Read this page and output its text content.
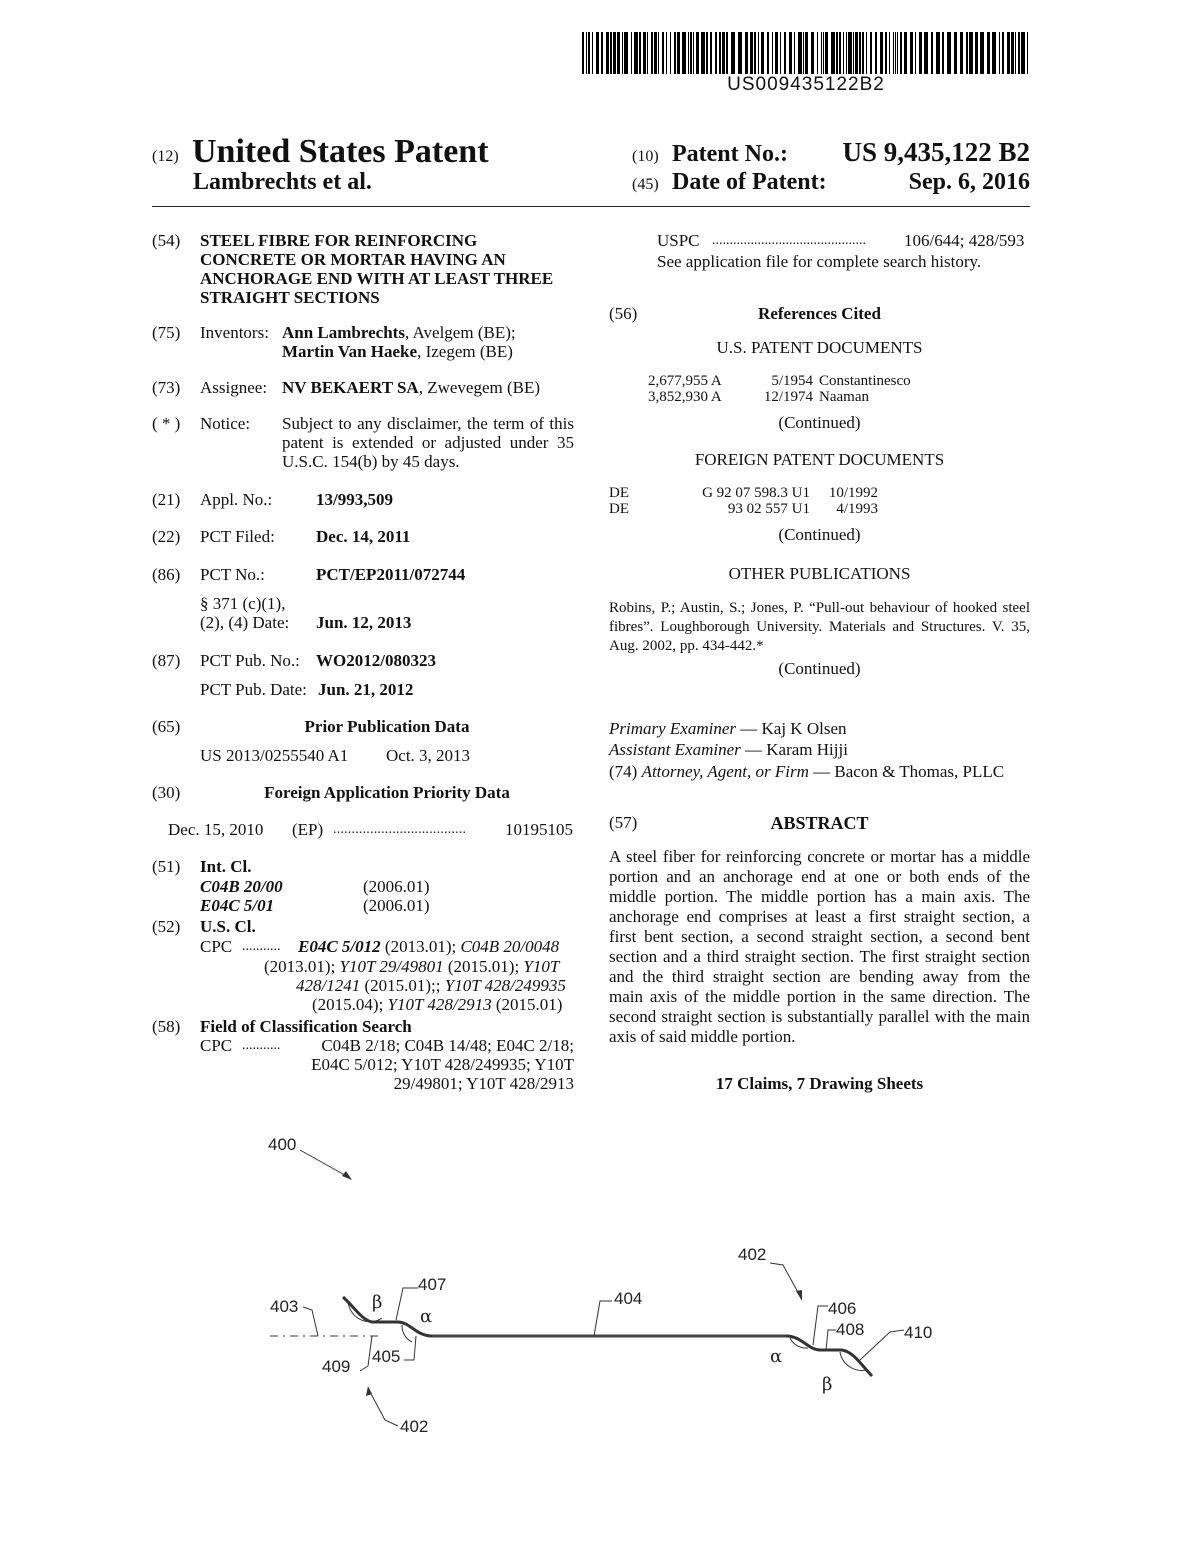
US009435122B2
(12) United States Patent
Lambrechts et al.
(10) Patent No.:	US 9,435,122 B2
(45) Date of Patent:	Sep. 6, 2016
(54) STEEL FIBRE FOR REINFORCING
CONCRETE OR MORTAR HAVING AN
ANCHORAGE END WITH AT LEAST THREE
STRAIGHT SECTIONS
(75) Inventors: Ann Lambrechts, Avelgem (BE);
Martin Van Haeke, Izegem (BE)
(73) Assignee: NV BEKAERT SA, Zwevegem (BE)
( * ) Notice: Subject to any disclaimer, the term of this
patent is extended or adjusted under 35
U.S.C. 154(b) by 45 days.
(21) Appl. No.:	13/993,509
(22) PCT Filed: Dec. 14, 2011
(86) PCT No.:	PCT/EP2011/072744
§ 371 (c)(1),
(2), (4) Date: Jun. 12, 2013
(87) PCT Pub. No.: WO2012/080323
PCT Pub. Date: Jun. 21, 2012
(65)	Prior Publication Data
US 2013/0255540 A1 Oct. 3, 2013
(30)	Foreign Application Priority Data
Dec. 15, 2010 (EP) .................................... 10195105
(51) Int. Cl.
C04B 20/00	(2006.01)
E04C 5/01	(2006.01)
(52) U.S. Cl.
CPC ........... E04C 5/012 (2013.01); C04B 20/0048
(2013.01); Y10T 29/49801 (2015.01); Y10T
428/1241 (2015.01);; Y10T 428/249935
(2015.04); Y10T 428/2913 (2015.01)
(58) Field of Classification Search
CPC ...........	C04B 2/18; C04B 14/48; E04C 2/18;
E04C 5/012; Y10T 428/249935; Y10T
29/49801; Y10T 428/2913
USPC ............................................ 106/644; 428/593
See application file for complete search history.
(56)	References Cited
U.S. PATENT DOCUMENTS
2,677,955 A	5/1954 Constantinesco
3,852,930 A	12/1974 Naaman
(Continued)
FOREIGN PATENT DOCUMENTS
DE	G 92 07 598.3 U1	10/1992
DE	93 02 557 U1	4/1993
(Continued)
OTHER PUBLICATIONS
Robins, P.; Austin, S.; Jones, P. “Pull-out behaviour of hooked steel
fibres”. Loughborough University. Materials and Structures. V. 35,
Aug. 2002, pp. 434-442.*
(Continued)
Primary Examiner — Kaj K Olsen
Assistant Examiner — Karam Hijji
(74) Attorney, Agent, or Firm — Bacon & Thomas, PLLC
(57)	ABSTRACT
A steel fiber for reinforcing concrete or mortar has a middle
portion and an anchorage end at one or both ends of the
middle portion. The middle portion has a main axis. The
anchorage end comprises at least a first straight section, a
first bent section, a second straight section, a second bent
section and a third straight section. The first straight section
and the third straight section are bending away from the
main axis of the middle portion in the same direction. The
second straight section is substantially parallel with the main
axis of said middle portion.
17 Claims, 7 Drawing Sheets
400
402
403
407
404
406
408 410
409
405
402
β
α
α
β
